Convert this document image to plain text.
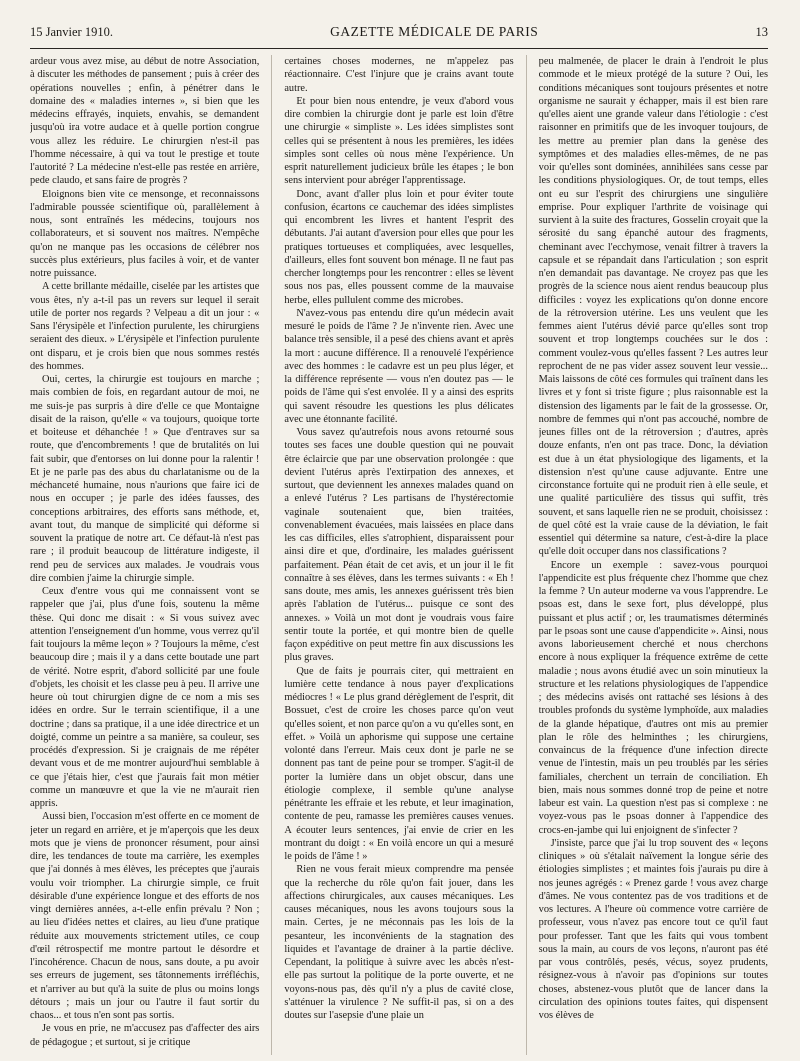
15 Janvier 1910.	GAZETTE MÉDICALE DE PARIS	13

ardeur vous avez mise, au début de notre Association, à discuter les méthodes de pansement ; puis à créer des opérations nouvelles ; enfin, à pénétrer dans le domaine des « maladies internes », si bien que les médecins effrayés, inquiets, envahis, se demandent jusqu'où ira votre audace et à quelle portion congrue vous allez les réduire. Le chirurgien n'est-il pas l'homme nécessaire, à qui va tout le prestige et toute l'autorité ? La médecine n'est-elle pas restée en arrière, pede claudo, et sans faire de progrès ?

Eloignons bien vite ce mensonge, et reconnaissons l'admirable poussée scientifique où, parallèlement à nous, sont entraînés les médecins, toujours nos collaborateurs, et si souvent nos maîtres. N'empêche qu'on ne manque pas les occasions de célébrer nos succès plus extérieurs, plus faciles à voir, et de vanter notre puissance.

A cette brillante médaille, ciselée par les artistes que vous êtes, n'y a-t-il pas un revers sur lequel il serait utile de porter nos regards ? Velpeau a dit un jour : « Sans l'érysipèle et l'infection purulente, les chirurgiens seraient des dieux. » L'érysipèle et l'infection purulente ont disparu, et je crois bien que nous sommes restés des hommes.

Oui, certes, la chirurgie est toujours en marche ; mais combien de fois, en regardant autour de moi, ne me suis-je pas surpris à dire d'elle ce que Montaigne disait de la raison, qu'elle « va toujours, quoique torte et boiteuse et déhanchée ! » Que d'entraves sur sa route, que d'encombrements ! que de brutalités on lui fait subir, que d'entorses on lui donne pour la ralentir ! Et je ne parle pas des abus du charlatanisme ou de la méchanceté humaine, nous n'aurions que faire ici de nous en occuper ; je parle des idées fausses, des conceptions arbitraires, des efforts sans méthode, et, avant tout, du manque de simplicité qui déforme si souvent la pratique de notre art. Ce défaut-là n'est pas rare ; il produit beaucoup de littérature indigeste, il rend peu de services aux malades. Je voudrais vous dire combien j'aime la chirurgie simple.

Ceux d'entre vous qui me connaissent vont se rappeler que j'ai, plus d'une fois, soutenu la même thèse. Qui donc me disait : « Si vous suivez avec attention l'enseignement d'un homme, vous verrez qu'il fait toujours la même leçon » ? Toujours la même, c'est beaucoup dire ; mais il y a dans cette boutade une part de vérité. Notre esprit, d'abord sollicité par une foule d'objets, les choisit et les classe peu à peu. Il arrive une heure où tout chirurgien digne de ce nom a mis ses idées en ordre. Sur le terrain scientifique, il a une doctrine ; dans sa pratique, il a une idée directrice et un doigté, comme un peintre a sa manière, sa couleur, ses procédés d'expression. Si je craignais de me répéter devant vous et de me montrer aujourd'hui semblable à ce que j'étais hier, c'est que j'aurais fait mon métier comme un manœuvre et que la vie ne m'aurait rien appris.

Aussi bien, l'occasion m'est offerte en ce moment de jeter un regard en arrière, et je m'aperçois que les deux mots que je viens de prononcer résument, pour ainsi dire, les tendances de toute ma carrière, les exemples que j'ai donnés à mes élèves, les préceptes que j'aurais voulu voir triompher. La chirurgie simple, ce fruit désirable d'une expérience longue et des efforts de nos vingt dernières années, a-t-elle enfin prévalu ? Non ; au lieu d'idées nettes et claires, au lieu d'une pratique réduite aux mouvements strictement utiles, ce coup d'œil rétrospectif me montre partout le désordre et l'incohérence. Chacun de nous, sans doute, a pu avoir ses erreurs de jugement, ses tâtonnements irréfléchis, et n'arriver au but qu'à la suite de plus ou moins longs détours ; mais un jour ou l'autre il faut sortir du chaos... et tous n'en sont pas sortis.

Je vous en prie, ne m'accusez pas d'affecter des airs de pédagogue ; et surtout, si je critique

certaines choses modernes, ne m'appelez pas réactionnaire. C'est l'injure que je crains avant toute autre.

Et pour bien nous entendre, je veux d'abord vous dire combien la chirurgie dont je parle est loin d'être une chirurgie « simpliste ». Les idées simplistes sont celles qui se présentent à nous les premières, les idées simples sont celles où nous mène l'expérience. Un esprit naturellement judicieux brûle les étapes ; le bon sens intervient pour abréger l'apprentissage.

Donc, avant d'aller plus loin et pour éviter toute confusion, écartons ce cauchemar des idées simplistes qui encombrent les livres et hantent l'esprit des débutants. J'ai autant d'aversion pour elles que pour les pratiques tortueuses et compliquées, avec lesquelles, d'ailleurs, elles font souvent bon ménage. Il ne faut pas chercher longtemps pour les rencontrer : elles se lèvent sous nos pas, elles poussent comme de la mauvaise herbe, elles pullulent comme des microbes.

N'avez-vous pas entendu dire qu'un médecin avait mesuré le poids de l'âme ? Je n'invente rien. Avec une balance très sensible, il a pesé des chiens avant et après la mort : aucune différence. Il a renouvelé l'expérience avec des hommes : le cadavre est un peu plus léger, et la différence représente — vous n'en doutez pas — le poids de l'âme qui s'est envolée. Il y a ainsi des esprits qui savent résoudre les questions les plus délicates avec une étonnante facilité.

Vous savez qu'autrefois nous avons retourné sous toutes ses faces une double question qui ne pouvait être éclaircie que par une observation prolongée : que devient l'utérus après l'extirpation des annexes, et surtout, que deviennent les annexes malades quand on a enlevé l'utérus ? Les partisans de l'hystérectomie vaginale soutenaient que, bien traitées, convenablement évacuées, mais laissées en place dans les cas difficiles, elles s'atrophient, disparaissent pour ainsi dire et que, d'ordinaire, les malades guérissent parfaitement. Péan était de cet avis, et un jour il le fit connaître à ses élèves, dans les termes suivants : « Eh ! sans doute, mes amis, les annexes guérissent très bien après l'ablation de l'utérus... puisque ce sont des annexes. » Voilà un mot dont je voudrais vous faire sentir toute la portée, et qui montre bien de quelle façon expéditive on peut mettre fin aux discussions les plus graves.

Que de faits je pourrais citer, qui mettraient en lumière cette tendance à nous payer d'explications médiocres ! « Le plus grand dérèglement de l'esprit, dit Bossuet, c'est de croire les choses parce qu'on veut qu'elles soient, et non parce qu'on a vu qu'elles sont, en effet. » Voilà un aphorisme qui suppose une certaine volonté dans l'erreur. Mais ceux dont je parle ne se donnent pas tant de peine pour se tromper. S'agit-il de porter la lumière dans un objet obscur, dans une étiologie complexe, il semble qu'une analyse pénétrante les effraie et les rebute, et leur imagination, contente de peu, ramasse les premières causes venues. A écouter leurs sentences, j'ai envie de crier en les montrant du doigt : « En voilà encore un qui a mesuré le poids de l'âme ! »

Rien ne vous ferait mieux comprendre ma pensée que la recherche du rôle qu'on fait jouer, dans les affections chirurgicales, aux causes mécaniques. Les causes mécaniques, nous les avons toujours sous la main. Certes, je ne méconnais pas les lois de la pesanteur, les inconvénients de la stagnation des liquides et l'avantage de drainer à la partie déclive. Cependant, la politique à suivre avec les abcès n'est-elle pas surtout la politique de la porte ouverte, et ne voyons-nous pas, dès qu'il n'y a plus de cavité close, s'atténuer la virulence ? Ne suffit-il pas, si on a des doutes sur l'asepsie d'une plaie un

peu malmenée, de placer le drain à l'endroit le plus commode et le mieux protégé de la suture ? Oui, les conditions mécaniques sont toujours présentes et notre organisme ne saurait y échapper, mais il est bien rare qu'elles aient une grande valeur dans l'étiologie : c'est raisonner en primitifs que de les invoquer toujours, de les mettre au premier plan dans la genèse des symptômes et des maladies elles-mêmes, de ne pas voir qu'elles sont dominées, annihilées sans cesse par les conditions physiologiques. Or, de tout temps, elles ont eu sur l'esprit des chirurgiens une singulière emprise. Pour expliquer l'arthrite de voisinage qui survient à la suite des fractures, Gosselin croyait que la sérosité du sang épanché autour des fragments, cheminant avec l'ecchymose, venait filtrer à travers la capsule et se répandait dans l'articulation ; son esprit n'en demandait pas davantage. Ne croyez pas que les progrès de la science nous aient rendus beaucoup plus difficiles : voyez les explications qu'on donne encore de la rétroversion utérine. Les uns veulent que les femmes aient l'utérus dévié parce qu'elles sont trop souvent et trop longtemps couchées sur le dos : comment voulez-vous qu'elles fassent ? Les autres leur reprochent de ne pas vider assez souvent leur vessie... Mais laissons de côté ces formules qui traînent dans les livres et y font si triste figure ; plus raisonnable est la distension des ligaments par le fait de la grossesse. Or, nombre de femmes qui n'ont pas accouché, nombre de jeunes filles ont de la rétroversion ; d'autres, après douze enfants, n'en ont pas trace. Donc, la déviation est due à un état physiologique des ligaments, et la distension n'est qu'une cause adjuvante. Entre une circonstance fortuite qui ne produit rien à elle seule, et une qualité particulière des tissus qui suffit, très souvent, et sans laquelle rien ne se produit, choisissez : de quel côté est la vraie cause de la déviation, le fait essentiel qui détermine sa nature, c'est-à-dire la place qu'elle doit occuper dans nos classifications ?

Encore un exemple : savez-vous pourquoi l'appendicite est plus fréquente chez l'homme que chez la femme ? Un auteur moderne va vous l'apprendre. Le psoas est, dans le sexe fort, plus développé, plus puissant et plus actif ; or, les traumatismes déterminés par le psoas sont une cause d'appendicite ». Ainsi, nous avons laborieusement cherché et nous cherchons encore à nous expliquer la fréquence extrême de cette maladie ; nous avons étudié avec un soin minutieux la structure et les relations physiologiques de l'appendice ; des médecins avisés ont rattaché ses lésions à des troubles profonds du système lymphoïde, aux maladies de la glande hépatique, d'autres ont mis au premier plan le rôle des helminthes ; les chirurgiens, convaincus de la fréquence d'une infection directe venue de l'intestin, mais un peu troublés par les séries familiales, cherchent un terrain de conciliation. Eh bien, mais nous sommes donné trop de peine et notre labeur est vain. La question n'est pas si complexe : ne voyez-vous pas le psoas donner à l'appendice des crocs-en-jambe qui lui enjoignent de s'infecter ?

J'insiste, parce que j'ai lu trop souvent des « leçons cliniques » où s'étalait naïvement la longue série des étiologies simplistes ; et maintes fois j'aurais pu dire à nos jeunes agrégés : « Prenez garde ! vous avez charge d'âmes. Ne vous contentez pas de vos traditions et de vos lectures. A l'heure où commence votre carrière de professeur, vous n'avez pas encore tout ce qu'il faut pour professer. Tant que les faits qui vous tombent sous la main, au cours de vos leçons, n'auront pas été par vous contrôlés, pesés, vécus, soyez prudents, résignez-vous à n'avoir pas d'opinions sur toutes choses, abstenez-vous plutôt que de lancer dans la circulation des opinions toutes faites, qui dispensent vos élèves de
